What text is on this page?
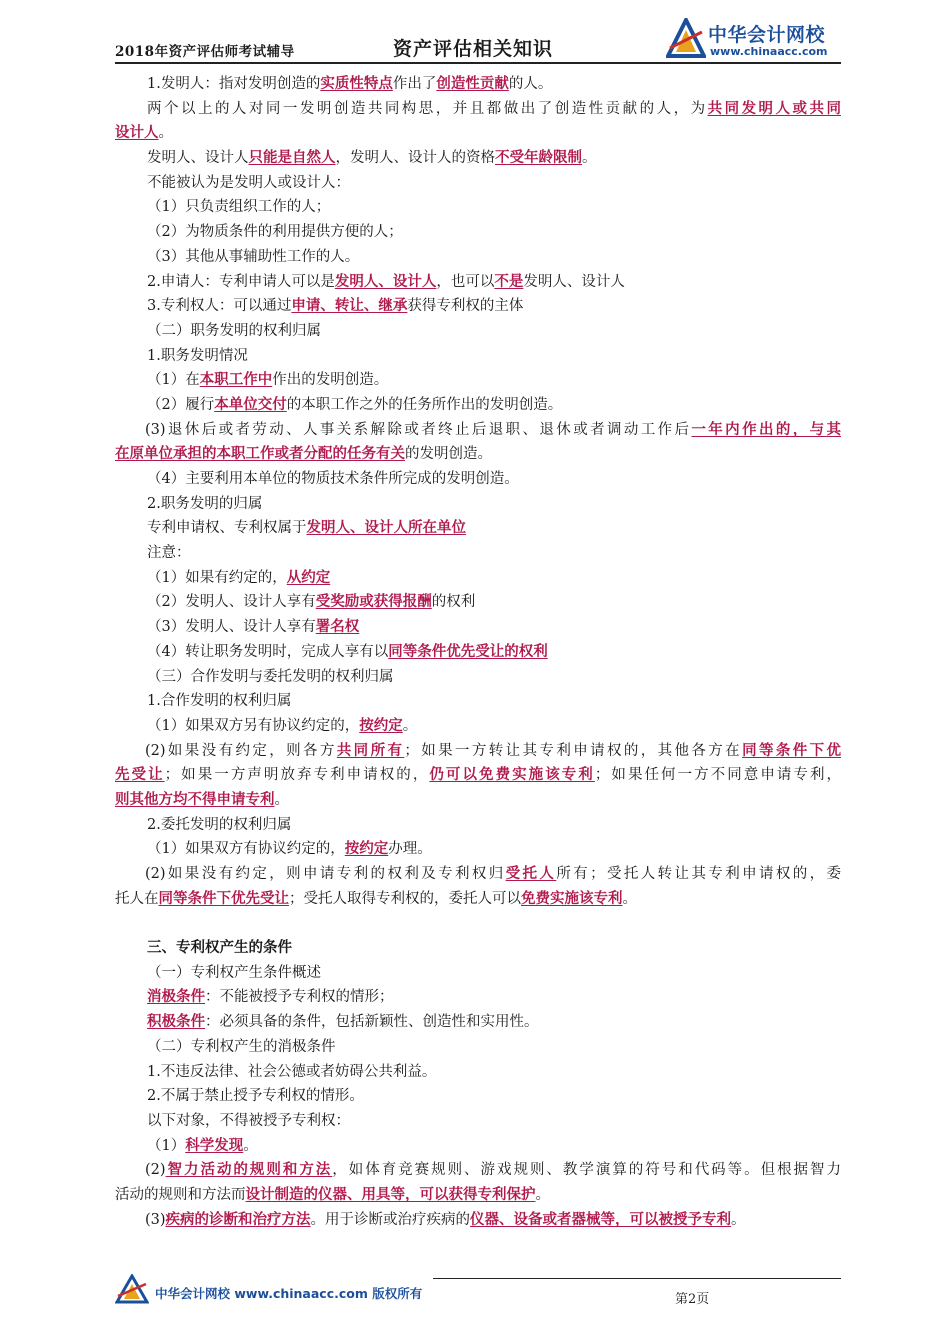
2018年资产评估师考试辅导	资产评估相关知识
中华会计网校
www.chinaacc.com
1.发明人：指对发明创造的实质性特点作出了创造性贡献的人。
两个以上的人对同一发明创造共同构思，并且都做出了创造性贡献的人，为共同发明人或共同
设计人。
发明人、设计人只能是自然人，发明人、设计人的资格不受年龄限制。
不能被认为是发明人或设计人：
（1）只负责组织工作的人；
（2）为物质条件的利用提供方便的人；
（3）其他从事辅助性工作的人。
2.申请人：专利申请人可以是发明人、设计人，也可以不是发明人、设计人
3.专利权人：可以通过申请、转让、继承获得专利权的主体
（二）职务发明的权利归属
1.职务发明情况
（1）在本职工作中作出的发明创造。
（2）履行本单位交付的本职工作之外的任务所作出的发明创造。
(3)退休后或者劳动、人事关系解除或者终止后退职、退休或者调动工作后一年内作出的，与其
在原单位承担的本职工作或者分配的任务有关的发明创造。
（4）主要利用本单位的物质技术条件所完成的发明创造。
2.职务发明的归属
专利申请权、专利权属于发明人、设计人所在单位
注意：
（1）如果有约定的，从约定
（2）发明人、设计人享有受奖励或获得报酬的权利
（3）发明人、设计人享有署名权
（4）转让职务发明时，完成人享有以同等条件优先受让的权利
（三）合作发明与委托发明的权利归属
1.合作发明的权利归属
（1）如果双方另有协议约定的，按约定。
(2)如果没有约定，则各方共同所有；如果一方转让其专利申请权的，其他各方在同等条件下优
先受让；如果一方声明放弃专利申请权的，仍可以免费实施该专利；如果任何一方不同意申请专利，
则其他方均不得申请专利。
2.委托发明的权利归属
（1）如果双方有协议约定的，按约定办理。
(2)如果没有约定，则申请专利的权利及专利权归受托人所有；受托人转让其专利申请权的，委
托人在同等条件下优先受让；受托人取得专利权的，委托人可以免费实施该专利。
三、专利权产生的条件
（一）专利权产生条件概述
消极条件：不能被授予专利权的情形；
积极条件：必须具备的条件，包括新颖性、创造性和实用性。
（二）专利权产生的消极条件
1.不违反法律、社会公德或者妨碍公共利益。
2.不属于禁止授予专利权的情形。
以下对象，不得被授予专利权：
（1）科学发现。
(2)智力活动的规则和方法，如体育竞赛规则、游戏规则、教学演算的符号和代码等。但根据智力
活动的规则和方法而设计制造的仪器、用具等，可以获得专利保护。
(3)疾病的诊断和治疗方法。用于诊断或治疗疾病的仪器、设备或者器械等，可以被授予专利。
中华会计网校 www.chinaacc.com 版权所有	第2页
